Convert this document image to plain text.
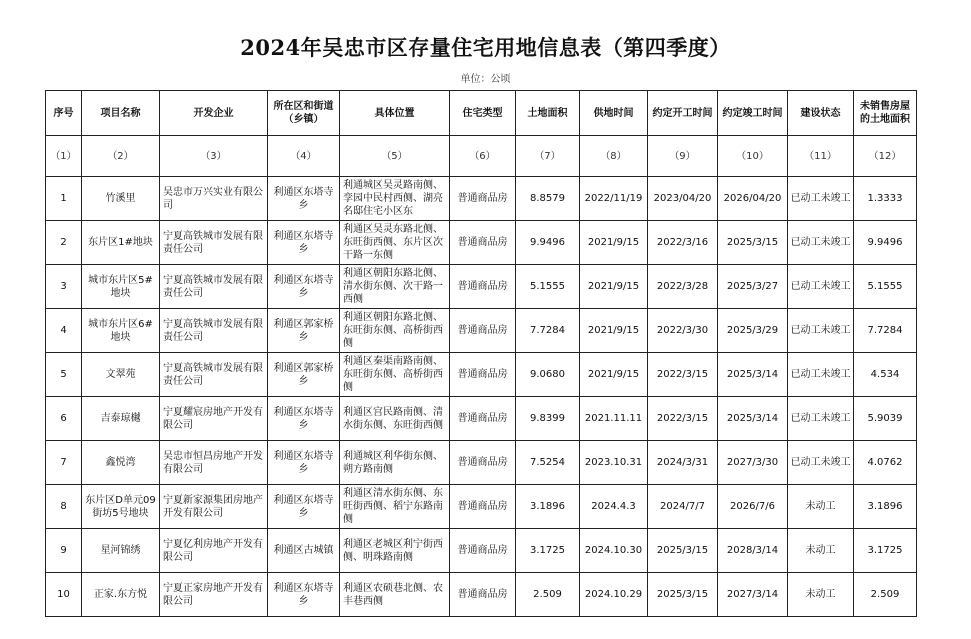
2024年吴忠市区存量住宅用地信息表（第四季度）
单位：公顷
序号	项目名称	开发企业	所在区和街道（乡镇）	具体位置	住宅类型	土地面积	供地时间	约定开工时间	约定竣工时间	建设状态	未销售房屋的土地面积
（1）	（2）	（3）	（4）	（5）	（6）	（7）	（8）	（9）	（10）	（11）	（12）
1	竹溪里	吴忠市万兴实业有限公司	利通区东塔寺乡	利通城区吴灵路南侧、孪园中民村西侧、湖亮名邸住宅小区东	普通商品房	8.8579	2022/11/19	2023/04/20	2026/04/20	已动工未竣工	1.3333
2	东片区1#地块	宁夏高铁城市发展有限责任公司	利通区东塔寺乡	利通区吴灵东路北侧、东旺街西侧、东片区次干路一东侧	普通商品房	9.9496	2021/9/15	2022/3/16	2025/3/15	已动工未竣工	9.9496
3	城市东片区5#地块	宁夏高铁城市发展有限责任公司	利通区东塔寺乡	利通区朝阳东路北侧、清水街东侧、次干路一西侧	普通商品房	5.1555	2021/9/15	2022/3/28	2025/3/27	已动工未竣工	5.1555
4	城市东片区6#地块	宁夏高铁城市发展有限责任公司	利通区郭家桥乡	利通区朝阳东路北侧、东旺街东侧、高桥街西侧	普通商品房	7.7284	2021/9/15	2022/3/30	2025/3/29	已动工未竣工	7.7284
5	文翠苑	宁夏高铁城市发展有限责任公司	利通区郭家桥乡	利通区秦渠南路南侧、东旺街东侧、高桥街西侧	普通商品房	9.0680	2021/9/15	2022/3/15	2025/3/14	已动工未竣工	4.534
6	吉泰琼樾	宁夏耀宸房地产开发有限公司	利通区东塔寺乡	利通区宫民路南侧、清水街东侧、东旺街西侧	普通商品房	9.8399	2021.11.11	2022/3/15	2025/3/14	已动工未竣工	5.9039
7	鑫悦湾	吴忠市恒昌房地产开发有限公司	利通区东塔寺乡	利通城区利华街东侧、朔方路南侧	普通商品房	7.5254	2023.10.31	2024/3/31	2027/3/30	已动工未竣工	4.0762
8	东片区D单元09街坊5号地块	宁夏新家源集团房地产开发有限公司	利通区东塔寺乡	利通区清水街东侧、东旺街西侧、稻宁东路南侧	普通商品房	3.1896	2024.4.3	2024/7/7	2026/7/6	未动工	3.1896
9	星河锦绣	宁夏亿利房地产开发有限公司	利通区古城镇	利通区老城区利宁街西侧、明珠路南侧	普通商品房	3.1725	2024.10.30	2025/3/15	2028/3/14	未动工	3.1725
10	正家.东方悦	宁夏正家房地产开发有限公司	利通区东塔寺乡	利通区农硕巷北侧、农丰巷西侧	普通商品房	2.509	2024.10.29	2025/3/15	2027/3/14	未动工	2.509
